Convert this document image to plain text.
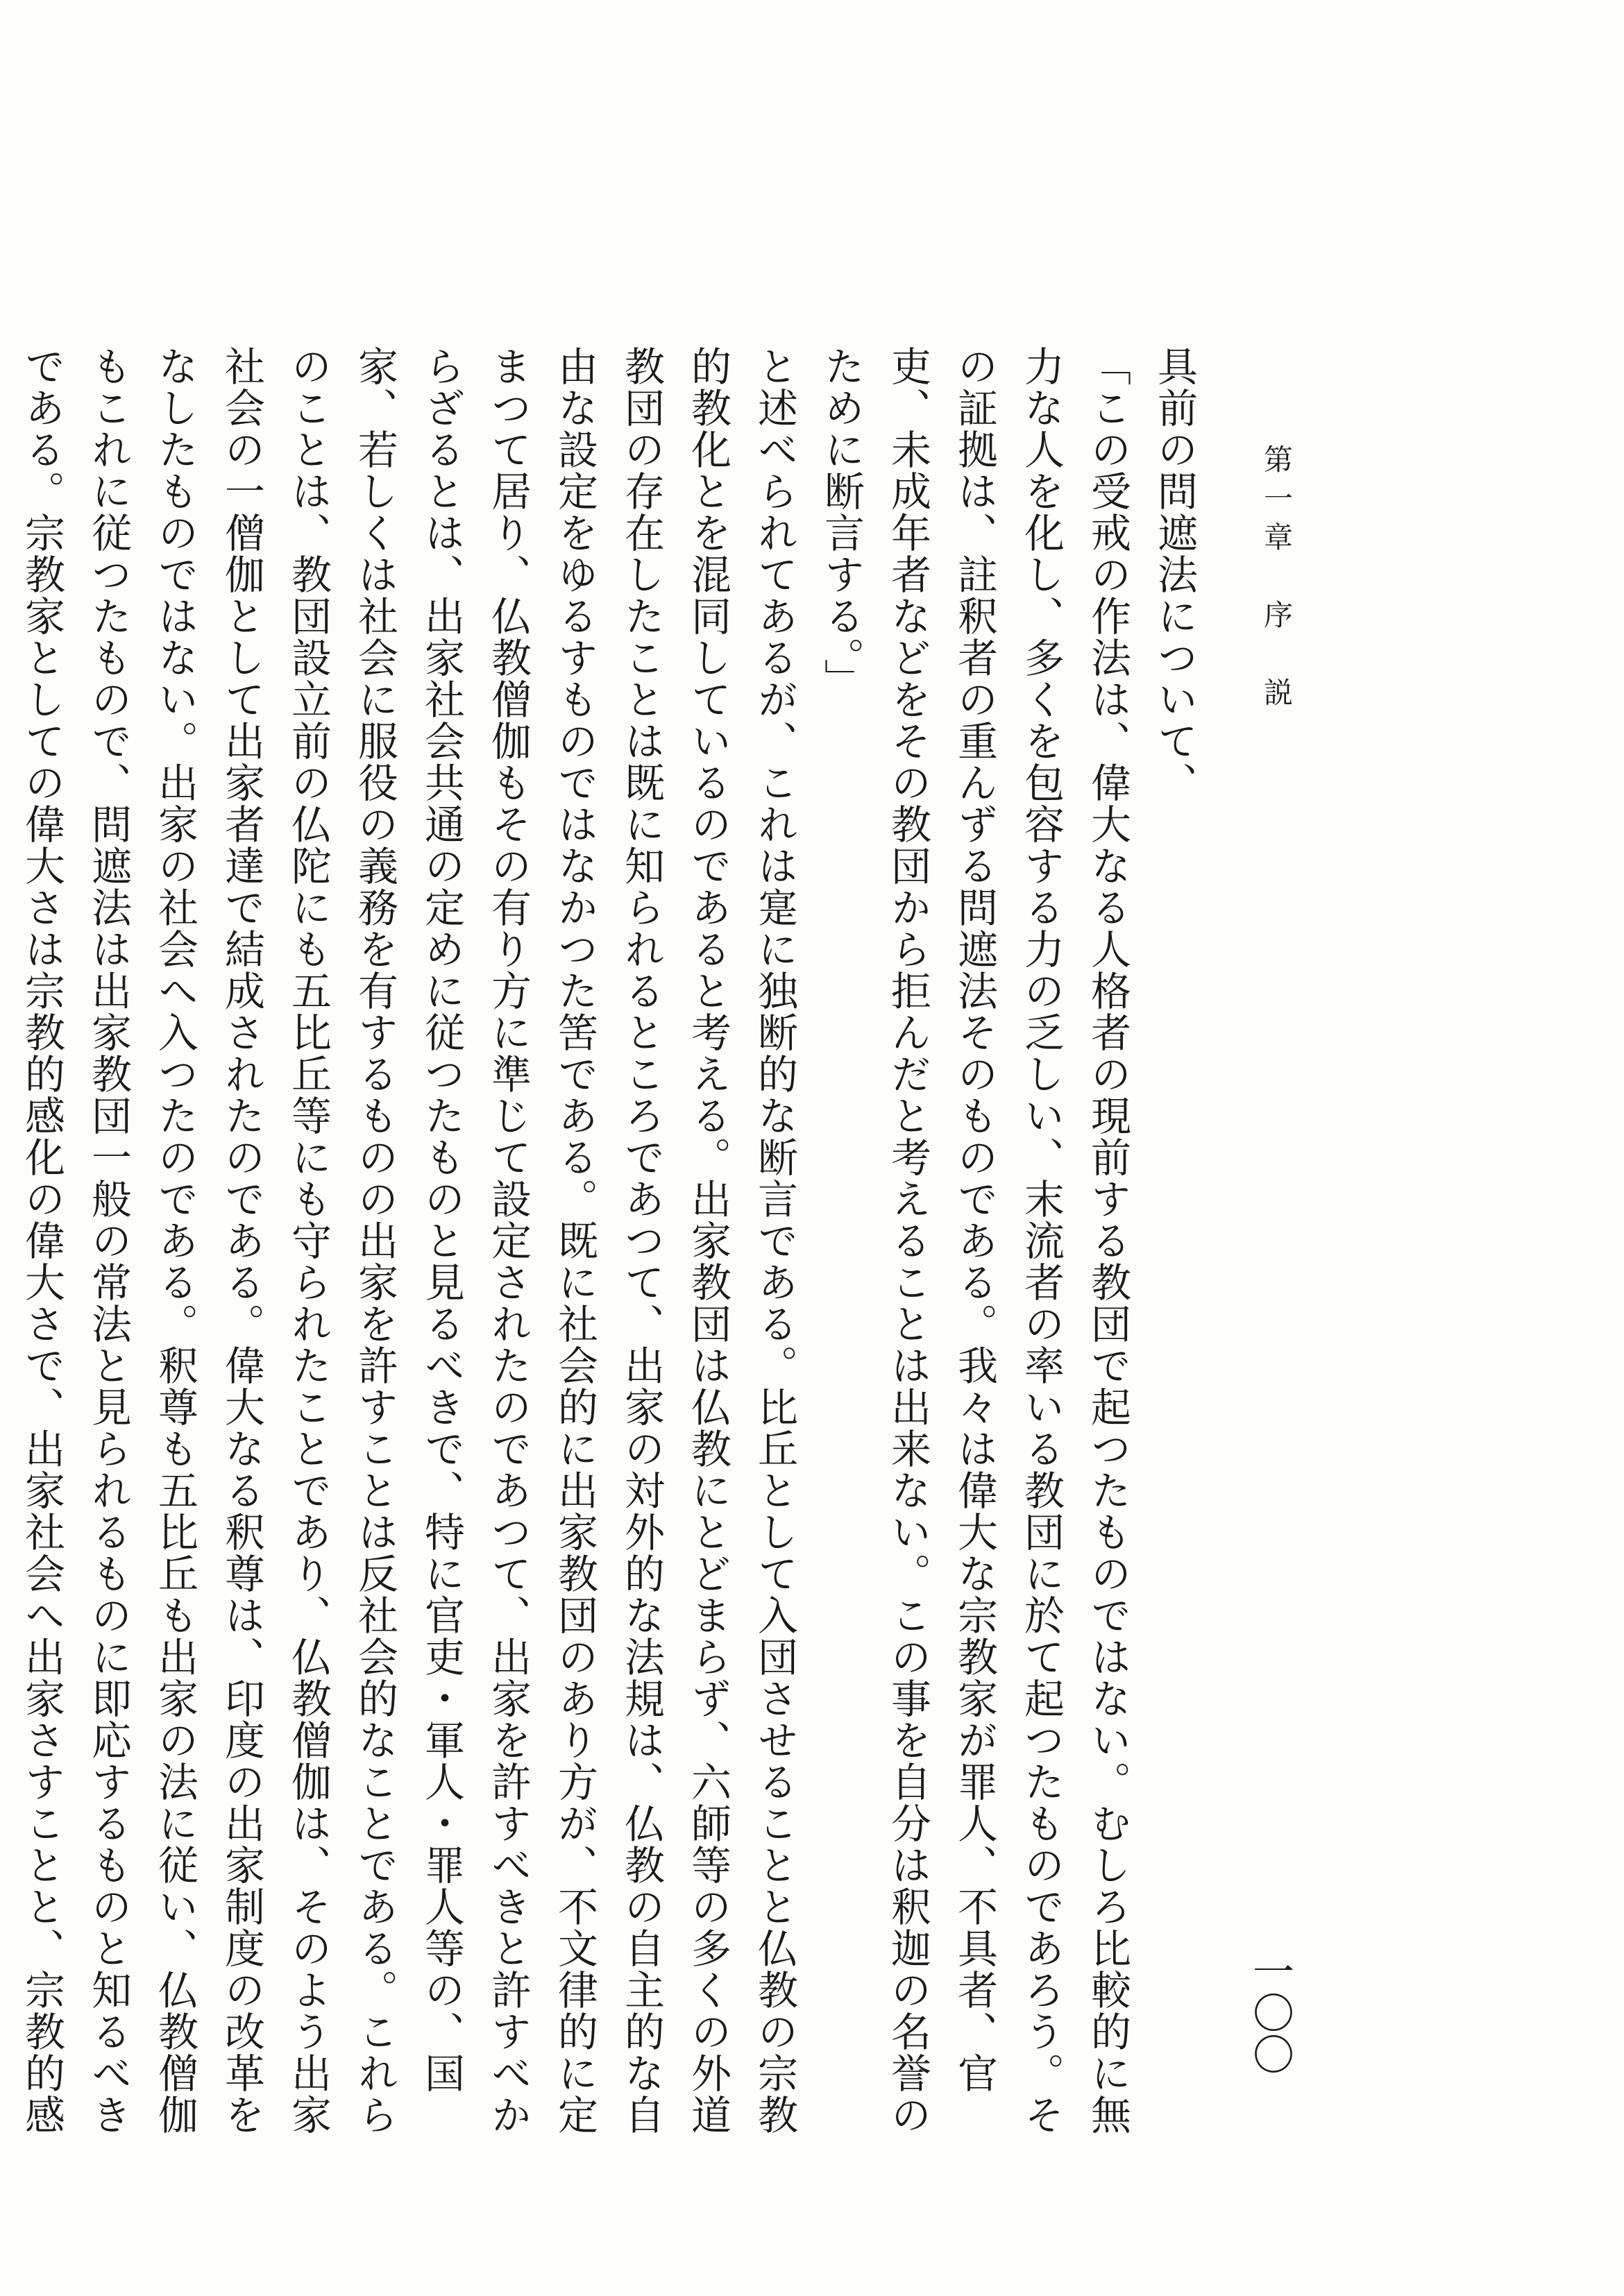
第一章　序　説

具前の問遮法について、

「この受戒の作法は、偉大なる人格者の現前する教団で起つたものではない。むしろ比較的に無力な人を化し、多くを包容する力の乏しい、末流者の率いる教団に於て起つたものであろう。その証拠は、註釈者の重んずる問遮法そのものである。我々は偉大な宗教家が罪人、不具者、官吏、未成年者などをその教団から拒んだと考えることは出来ない。この事を自分は釈迦の名誉のために断言する。」

と述べられてあるが、これは寔に独断的な断言である。比丘として入団させることと仏教の宗教的教化とを混同しているのであると考える。出家教団は仏教にとどまらず、六師等の多くの外道教団の存在したことは既に知られるところであつて、出家の対外的な法規は、仏教の自主的な自由な設定をゆるすものではなかつた筈である。既に社会的に出家教団のあり方が、不文律的に定まつて居り、仏教僧伽もその有り方に準じて設定されたのであつて、出家を許すべきと許すべからざるとは、出家社会共通の定めに従つたものと見るべきで、特に官吏・軍人・罪人等の、国家、若しくは社会に服役の義務を有するものの出家を許すことは反社会的なことである。これらのことは、教団設立前の仏陀にも五比丘等にも守られたことであり、仏教僧伽は、そのよう出家社会の一僧伽として出家者達で結成されたのである。偉大なる釈尊は、印度の出家制度の改革をなしたものではない。出家の社会へ入つたのである。釈尊も五比丘も出家の法に従い、仏教僧伽もこれに従つたもので、問遮法は出家教団一般の常法と見られるものに即応するものと知るべきである。宗教家としての偉大さは宗教的感化の偉大さで、出家社会へ出家さすことと、宗教的感

一〇〇
